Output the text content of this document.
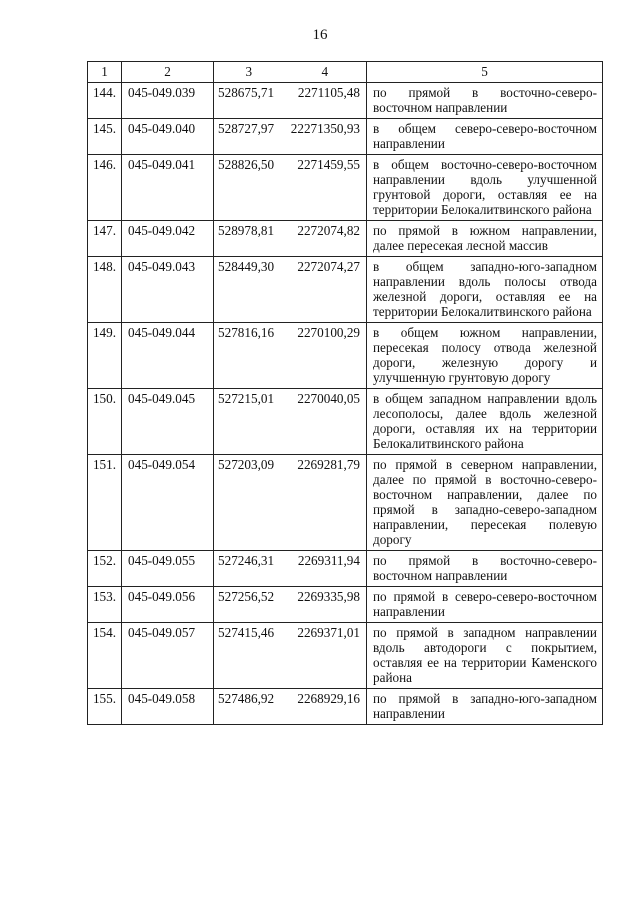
16
1	2	3	4	5
144.	045-049.039	528675,71	2271105,48	по прямой в восточно-северо-восточном направлении
145.	045-049.040	528727,97	22271350,93	в общем северо-северо-восточном направлении
146.	045-049.041	528826,50	2271459,55	в общем восточно-северо-восточном направлении вдоль улучшенной грунтовой дороги, оставляя ее на территории Белокалитвинского района
147.	045-049.042	528978,81	2272074,82	по прямой в южном направлении, далее пересекая лесной массив
148.	045-049.043	528449,30	2272074,27	в общем западно-юго-западном направлении вдоль полосы отвода железной дороги, оставляя ее на территории Белокалитвинского района
149.	045-049.044	527816,16	2270100,29	в общем южном направлении, пересекая полосу отвода железной дороги, железную дорогу и улучшенную грунтовую дорогу
150.	045-049.045	527215,01	2270040,05	в общем западном направлении вдоль лесополосы, далее вдоль железной дороги, оставляя их на территории Белокалитвинского района
151.	045-049.054	527203,09	2269281,79	по прямой в северном направлении, далее по прямой в восточно-северо-восточном направлении, далее по прямой в западно-северо-западном направлении, пересекая полевую дорогу
152.	045-049.055	527246,31	2269311,94	по прямой в восточно-северо-восточном направлении
153.	045-049.056	527256,52	2269335,98	по прямой в северо-северо-восточном направлении
154.	045-049.057	527415,46	2269371,01	по прямой в западном направлении вдоль автодороги с покрытием, оставляя ее на территории Каменского района
155.	045-049.058	527486,92	2268929,16	по прямой в западно-юго-западном направлении
